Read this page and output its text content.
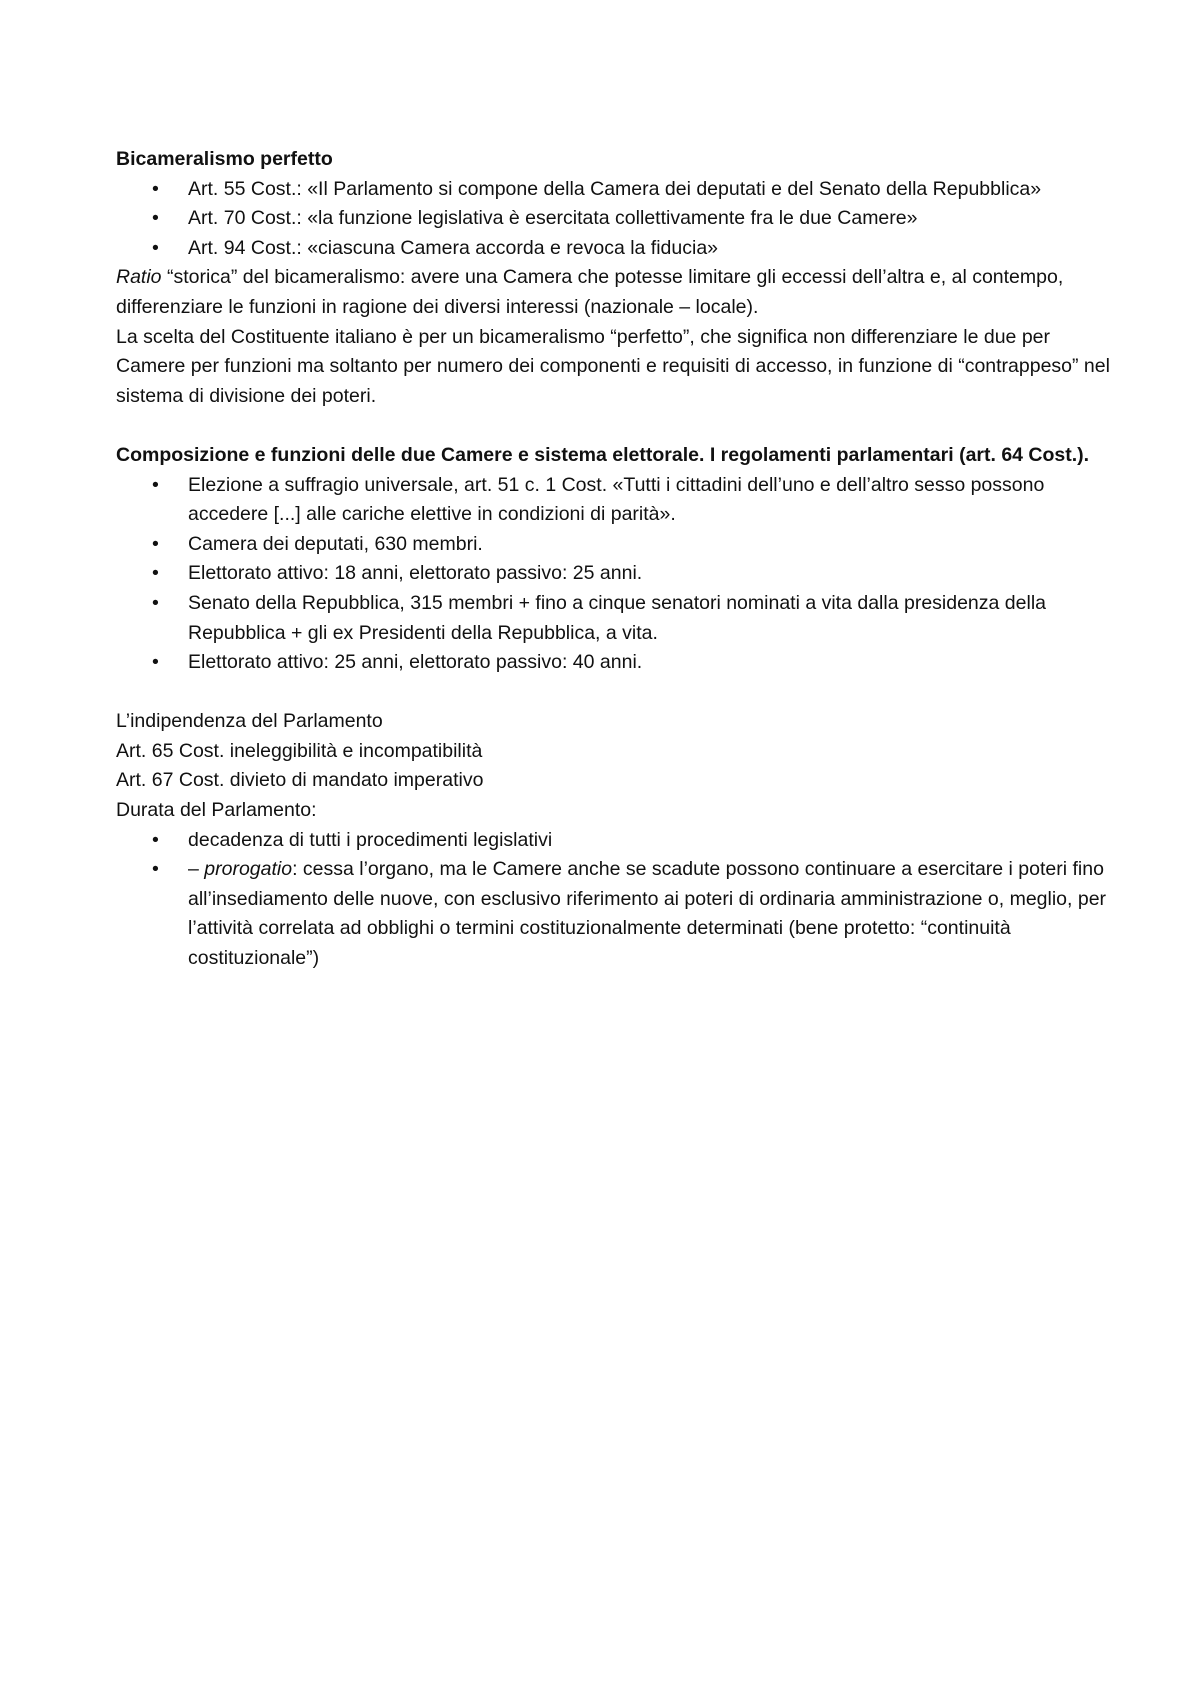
Bicameralismo perfetto

•	Art. 55 Cost.: «Il Parlamento si compone della Camera dei deputati e del Senato della Repubblica»
•	Art. 70 Cost.: «la funzione legislativa è esercitata collettivamente fra le due Camere»
•	Art. 94 Cost.: «ciascuna Camera accorda e revoca la fiducia»

Ratio “storica” del bicameralismo: avere una Camera che potesse limitare gli eccessi dell’altra e, al contempo, differenziare le funzioni in ragione dei diversi interessi (nazionale – locale).

La scelta del Costituente italiano è per un bicameralismo “perfetto”, che significa non differenziare le due per Camere per funzioni ma soltanto per numero dei componenti e requisiti di accesso, in funzione di “contrappeso” nel sistema di divisione dei poteri.

Composizione e funzioni delle due Camere e sistema elettorale. I regolamenti parlamentari (art. 64 Cost.).

•	Elezione a suffragio universale, art. 51 c. 1 Cost. «Tutti i cittadini dell’uno e dell’altro sesso possono accedere [...] alle cariche elettive in condizioni di parità».
•	Camera dei deputati, 630 membri.
•	Elettorato attivo: 18 anni, elettorato passivo: 25 anni.
•	Senato della Repubblica, 315 membri + fino a cinque senatori nominati a vita dalla presidenza della Repubblica + gli ex Presidenti della Repubblica, a vita.
•	Elettorato attivo: 25 anni, elettorato passivo: 40 anni.

L’indipendenza del Parlamento

Art. 65 Cost. ineleggibilità e incompatibilità

Art. 67 Cost. divieto di mandato imperativo

Durata del Parlamento:

•	decadenza di tutti i procedimenti legislativi
•	– prorogatio: cessa l’organo, ma le Camere anche se scadute possono continuare a esercitare i poteri fino all’insediamento delle nuove, con esclusivo riferimento ai poteri di ordinaria amministrazione o, meglio, per l’attività correlata ad obblighi o termini costituzionalmente determinati (bene protetto: “continuità costituzionale”)
